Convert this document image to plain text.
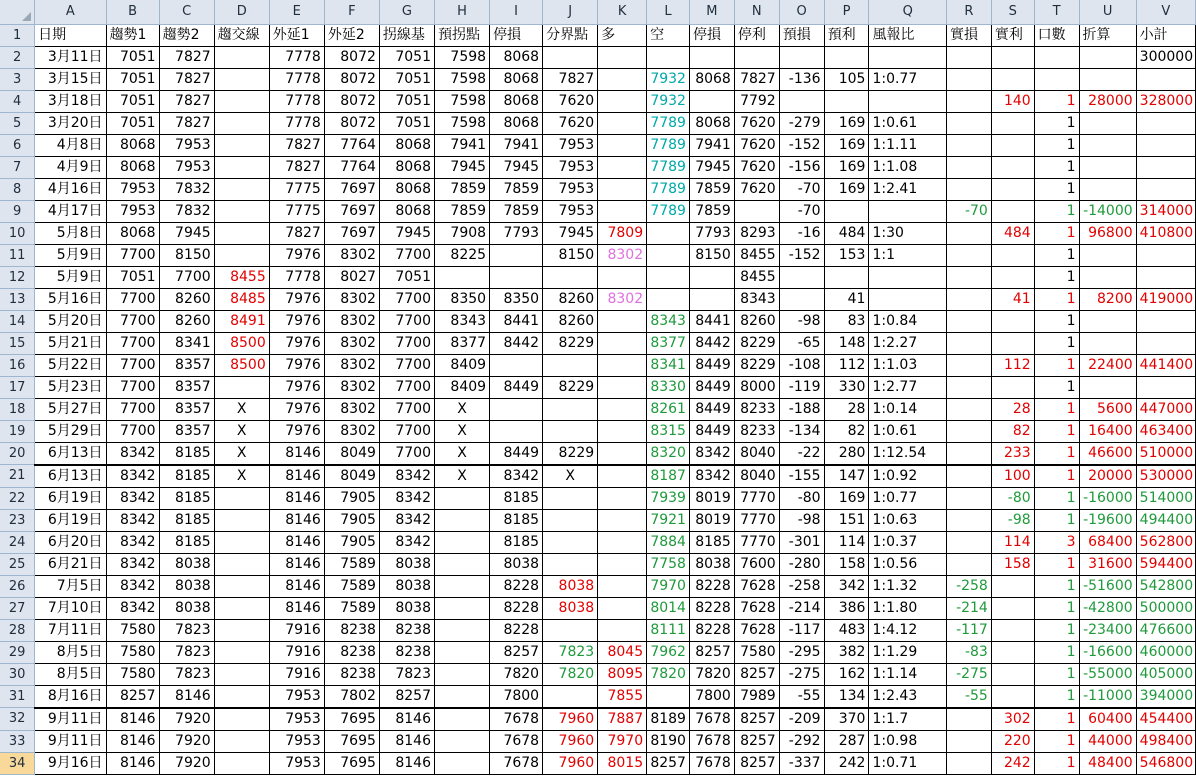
	A	B	C	D	E	F	G	H	I	J	K	L	M	N	O	P	Q	R	S	T	U	V
1	日期	趨勢1	趨勢2	趨交線	外延1	外延2	拐線基	預拐點	停損	分界點	多	空	停損	停利	預損	預利	風報比	實損	實利	口數	折算	小計
2	3月11日	7051	7827		7778	8072	7051	7598	8068													300000
3	3月15日	7051	7827		7778	8072	7051	7598	8068	7827		7932	8068	7827	-136	105	1:0.77					
4	3月18日	7051	7827		7778	8072	7051	7598	8068	7620		7932		7792					140	1	28000	328000
5	3月20日	7051	7827		7778	8072	7051	7598	8068	7620		7789	8068	7620	-279	169	1:0.61			1		
6	4月8日	8068	7953		7827	7764	8068	7941	7941	7953		7789	7941	7620	-152	169	1:1.11			1		
7	4月9日	8068	7953		7827	7764	8068	7945	7945	7953		7789	7945	7620	-156	169	1:1.08			1		
8	4月16日	7953	7832		7775	7697	8068	7859	7859	7953		7789	7859	7620	-70	169	1:2.41			1		
9	4月17日	7953	7832		7775	7697	8068	7859	7859	7953		7789	7859		-70			-70		1	-14000	314000
10	5月8日	8068	7945		7827	7697	7945	7908	7793	7945	7809		7793	8293	-16	484	1:30		484	1	96800	410800
11	5月9日	7700	8150		7976	8302	7700	8225		8150	8302		8150	8455	-152	153	1:1			1		
12	5月9日	7051	7700	8455	7778	8027	7051							8455						1		
13	5月16日	7700	8260	8485	7976	8302	7700	8350	8350	8260	8302			8343		41			41	1	8200	419000
14	5月20日	7700	8260	8491	7976	8302	7700	8343	8441	8260		8343	8441	8260	-98	83	1:0.84			1		
15	5月21日	7700	8341	8500	7976	8302	7700	8377	8442	8229		8377	8442	8229	-65	148	1:2.27			1		
16	5月22日	7700	8357	8500	7976	8302	7700	8409				8341	8449	8229	-108	112	1:1.03		112	1	22400	441400
17	5月23日	7700	8357		7976	8302	7700	8409	8449	8229		8330	8449	8000	-119	330	1:2.77			1		
18	5月27日	7700	8357	X	7976	8302	7700	X				8261	8449	8233	-188	28	1:0.14		28	1	5600	447000
19	5月29日	7700	8357	X	7976	8302	7700	X				8315	8449	8233	-134	82	1:0.61		82	1	16400	463400
20	6月13日	8342	8185	X	8146	8049	7700	X	8449	8229		8320	8342	8040	-22	280	1:12.54		233	1	46600	510000
21	6月13日	8342	8185	X	8146	8049	8342	X	8342	X		8187	8342	8040	-155	147	1:0.92		100	1	20000	530000
22	6月19日	8342	8185		8146	7905	8342		8185			7939	8019	7770	-80	169	1:0.77		-80	1	-16000	514000
23	6月19日	8342	8185		8146	7905	8342		8185			7921	8019	7770	-98	151	1:0.63		-98	1	-19600	494400
24	6月20日	8342	8185		8146	7905	8342		8185			7884	8185	7770	-301	114	1:0.37		114	3	68400	562800
25	6月21日	8342	8038		8146	7589	8038		8038			7758	8038	7600	-280	158	1:0.56		158	1	31600	594400
26	7月5日	8342	8038		8146	7589	8038		8228	8038		7970	8228	7628	-258	342	1:1.32	-258		1	-51600	542800
27	7月10日	8342	8038		8146	7589	8038		8228	8038		8014	8228	7628	-214	386	1:1.80	-214		1	-42800	500000
28	7月11日	7580	7823		7916	8238	8238		8228			8111	8228	7628	-117	483	1:4.12	-117		1	-23400	476600
29	8月5日	7580	7823		7916	8238	8238		8257	7823	8045	7962	8257	7580	-295	382	1:1.29	-83		1	-16600	460000
30	8月5日	7580	7823		7916	8238	7823		7820	7820	8095	7820	7820	8257	-275	162	1:1.14	-275		1	-55000	405000
31	8月16日	8257	8146		7953	7802	8257		7800		7855		7800	7989	-55	134	1:2.43	-55		1	-11000	394000
32	9月11日	8146	7920		7953	7695	8146		7678	7960	7887	8189	7678	8257	-209	370	1:1.7		302	1	60400	454400
33	9月11日	8146	7920		7953	7695	8146		7678	7960	7970	8190	7678	8257	-292	287	1:0.98		220	1	44000	498400
34	9月16日	8146	7920		7953	7695	8146		7678	7960	8015	8257	7678	8257	-337	242	1:0.71		242	1	48400	546800
